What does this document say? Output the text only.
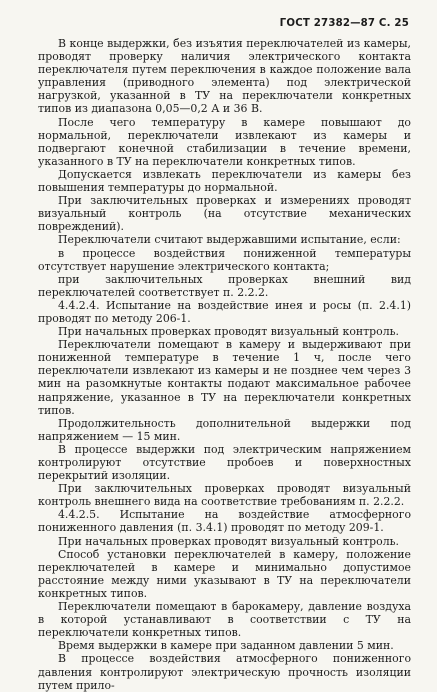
ГОСТ 27382—87 С. 25

В конце выдержки, без изъятия переключателей из камеры, проводят проверку наличия электрического контакта переключателя путем переключения в каждое положение вала управления (приводного элемента) под электрической нагрузкой, указанной в ТУ на переключатели конкретных типов из диапазона 0,05—0,2 А и 36 В.

После чего температуру в камере повышают до нормальной, переключатели извлекают из камеры и подвергают конечной стабилизации в течение времени, указанного в ТУ на переключатели конкретных типов.

Допускается извлекать переключатели из камеры без повышения температуры до нормальной.

При заключительных проверках и измерениях проводят визуальный контроль (на отсутствие механических повреждений).

Переключатели считают выдержавшими испытание, если:

в процессе воздействия пониженной температуры отсутствует нарушение электрического контакта;

при заключительных проверках внешний вид переключателей соответствует п. 2.2.2.

4.4.2.4. Испытание на воздействие инея и росы (п. 2.4.1) проводят по методу 206-1.

При начальных проверках проводят визуальный контроль.

Переключатели помещают в камеру и выдерживают при пониженной температуре в течение 1 ч, после чего переключатели извлекают из камеры и не позднее чем через 3 мин на разомкнутые контакты подают максимальное рабочее напряжение, указанное в ТУ на переключатели конкретных типов.

Продолжительность дополнительной выдержки под напряжением — 15 мин.

В процессе выдержки под электрическим напряжением контролируют отсутствие пробоев и поверхностных перекрытий изоляции.

При заключительных проверках проводят визуальный контроль внешнего вида на соответствие требованиям п. 2.2.2.

4.4.2.5. Испытание на воздействие атмосферного пониженного давления (п. 3.4.1) проводят по методу 209-1.

При начальных проверках проводят визуальный контроль.

Способ установки переключателей в камеру, положение переключателей в камере и минимально допустимое расстояние между ними указывают в ТУ на переключатели конкретных типов.

Переключатели помещают в барокамеру, давление воздуха в которой устанавливают в соответствии с ТУ на переключатели конкретных типов.

Время выдержки в камере при заданном давлении 5 мин.

В процессе воздействия атмосферного пониженного давления контролируют электрическую прочность изоляции путем прило-
